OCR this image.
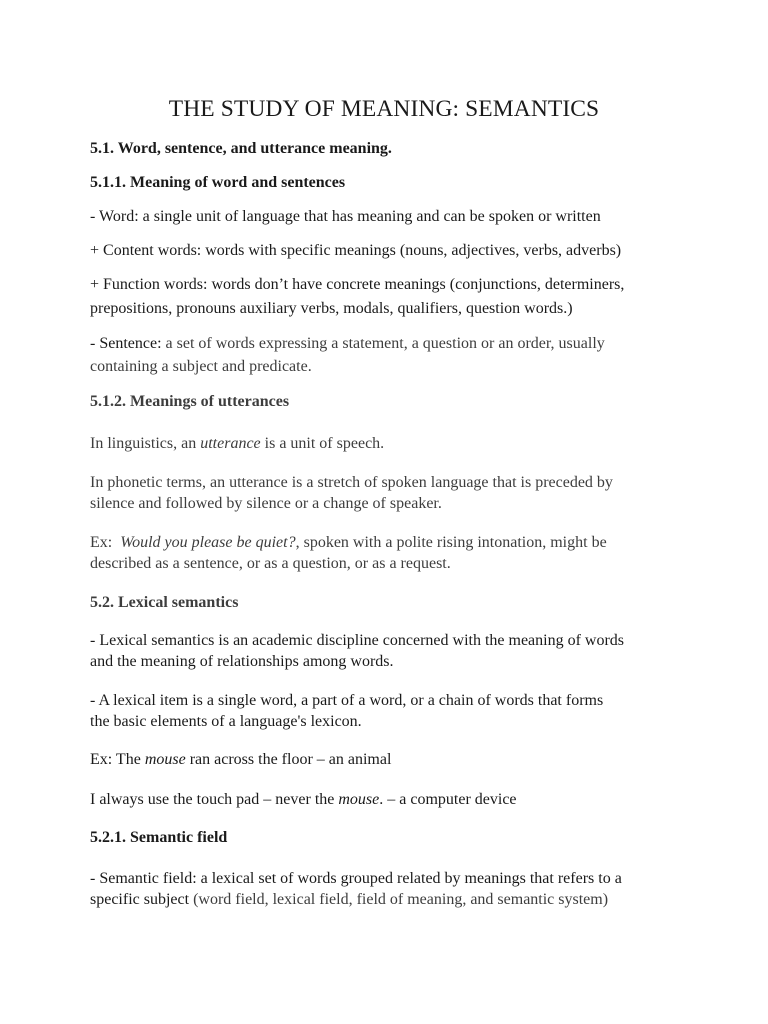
THE STUDY OF MEANING: SEMANTICS

5.1. Word, sentence, and utterance meaning.

5.1.1. Meaning of word and sentences

- Word: a single unit of language that has meaning and can be spoken or written

+ Content words: words with specific meanings (nouns, adjectives, verbs, adverbs)

+ Function words: words don’t have concrete meanings (conjunctions, determiners,

prepositions, pronouns auxiliary verbs, modals, qualifiers, question words.)

- Sentence: a set of words expressing a statement, a question or an order, usually

containing a subject and predicate.

5.1.2. Meanings of utterances

In linguistics, an utterance is a unit of speech.

In phonetic terms, an utterance is a stretch of spoken language that is preceded by

silence and followed by silence or a change of speaker.

Ex:  Would you please be quiet?, spoken with a polite rising intonation, might be

described as a sentence, or as a question, or as a request.

5.2. Lexical semantics

- Lexical semantics is an academic discipline concerned with the meaning of words

and the meaning of relationships among words.

- A lexical item is a single word, a part of a word, or a chain of words that forms

the basic elements of a language's lexicon.

Ex: The mouse ran across the floor – an animal

I always use the touch pad – never the mouse. – a computer device

5.2.1. Semantic field

- Semantic field: a lexical set of words grouped related by meanings that refers to a

specific subject (word field, lexical field, field of meaning, and semantic system)
